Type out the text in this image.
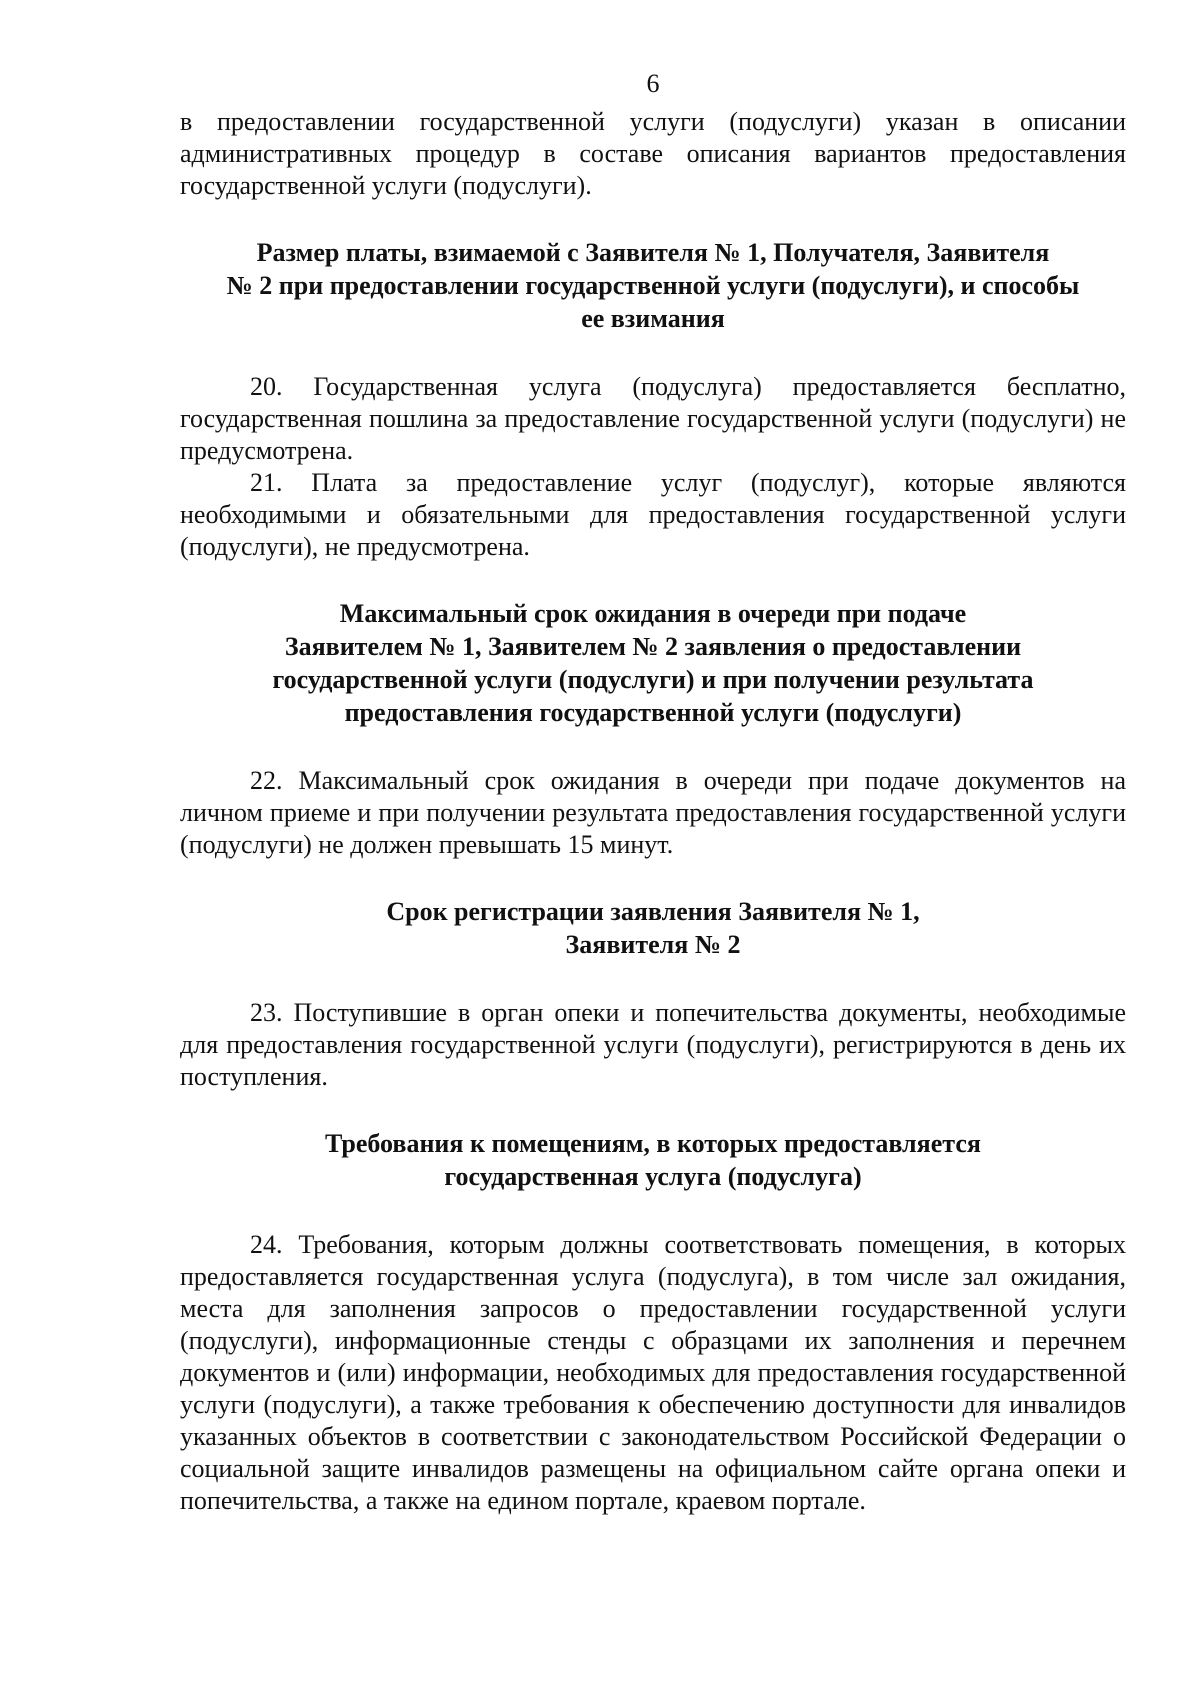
6

в предоставлении государственной услуги (подуслуги) указан в описании административных процедур в составе описания вариантов предоставления государственной услуги (подуслуги).

Размер платы, взимаемой с Заявителя № 1, Получателя, Заявителя

№ 2 при предоставлении государственной услуги (подуслуги), и способы

ее взимания

20. Государственная услуга (подуслуга) предоставляется бесплатно, государственная пошлина за предоставление государственной услуги (подуслуги) не предусмотрена.

21. Плата за предоставление услуг (подуслуг), которые являются необходимыми и обязательными для предоставления государственной услуги (подуслуги), не предусмотрена.

Максимальный срок ожидания в очереди при подаче

Заявителем № 1, Заявителем № 2 заявления о предоставлении

государственной услуги (подуслуги) и при получении результата

предоставления государственной услуги (подуслуги)

22. Максимальный срок ожидания в очереди при подаче документов на личном приеме и при получении результата предоставления государственной услуги (подуслуги) не должен превышать 15 минут.

Срок регистрации заявления Заявителя № 1,

Заявителя № 2

23. Поступившие в орган опеки и попечительства документы, необходимые для предоставления государственной услуги (подуслуги), регистрируются в день их поступления.

Требования к помещениям, в которых предоставляется

государственная услуга (подуслуга)

24. Требования, которым должны соответствовать помещения, в которых предоставляется государственная услуга (подуслуга), в том числе зал ожидания, места для заполнения запросов о предоставлении государственной услуги (подуслуги), информационные стенды с образцами их заполнения и перечнем документов и (или) информации, необходимых для предоставления государственной услуги (подуслуги), а также требования к обеспечению доступности для инвалидов указанных объектов в соответствии с законодательством Российской Федерации о социальной защите инвалидов размещены на официальном сайте органа опеки и попечительства, а также на едином портале, краевом портале.
